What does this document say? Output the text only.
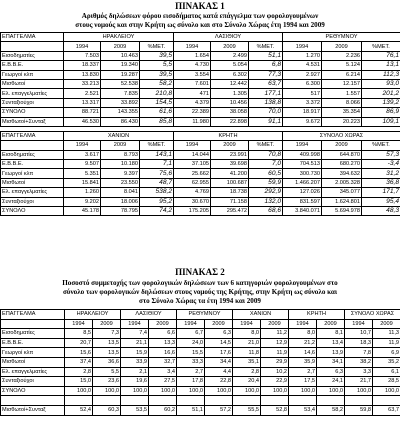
ΠΙΝΑΚΑΣ 1
Αριθμός δηλώσεων φόρου εισοδήματος κατά επάγγελμα των φορολογουμένων
στους νομούς και στην Κρήτη ως σύνολο και στο Σύνολο Χώρας έτη 1994 και 2009
ΕΠΑΓΓΕΛΜΑ	ΗΡΑΚΛΕΙΟΥ			ΛΑΣΙΘΙΟΥ			ΡΕΘΥΜΝΟΥ		
	1994	2009	%ΜΕΤ.	1994	2009	%ΜΕΤ.	1994	2009	%ΜΕΤ.
Εισοδηματίες	7.503	10.463	39,5	1.654	2.499	51,1	1.270	2.236	76,1
Ε.Β.Β.Ε.	18.337	19.340	5,5	4.730	5.054	6,8	4.531	5.124	13,1
Γεωργοί κλπ	13.830	19.287	39,5	3.554	6.302	77,3	2.927	6.214	112,3
Μισθωτοί	33.213	52.538	58,2	7.601	12.442	63,7	6.300	12.157	93,0
Ελ. επαγγελματίες	2.521	7.835	210,8	471	1.305	177,1	517	1.557	201,2
Συνταξιούχοι	13.317	33.892	154,5	4.379	10.456	138,8	3.372	8.066	139,2
ΣΥΝΟΛΟ	88.721	143.355	61,6	22.389	38.058	70,0	18.917	35.354	86,9
Μισθωτοί+Συνταξ	46.530	86.430	85,8	11.980	22.898	91,1	9.672	20.223	109,1

ΕΠΑΓΓΕΛΜΑ	ΧΑΝΙΩΝ			ΚΡΗΤΗ			ΣΥΝΟΛΟ ΧΩΡΑΣ		
	1994	2009	%ΜΕΤ.	1994	2009	%ΜΕΤ.	1994	2009	%ΜΕΤ.
Εισοδηματίες	3.617	8.793	143,1	14.044	23.991	70,8	409.998	644.870	57,3
Ε.Β.Β.Ε.	9.507	10.180	7,1	37.105	39.698	7,0	704.513	680.270	-3,4
Γεωργοί κλπ	5.351	9.397	75,6	25.662	41.200	60,5	300.730	394.632	31,2
Μισθωτοί	15.841	23.550	48,7	62.955	100.687	59,9	1.466.207	2.005.328	36,8
Ελ. επαγγελματίες	1.260	8.041	538,2	4.769	18.738	292,9	127.026	345.077	171,7
Συνταξιούχοι	9.202	18.006	95,2	30.670	71.158	132,0	831.597	1.624.801	95,4
ΣΥΝΟΛΟ	45.178	78.795	74,2	175.205	295.472	68,6	3.840.071	5.694.978	48,3
ΠΙΝΑΚΑΣ 2
Ποσοστό συμμετοχής των φορολογικών δηλώσεων των 6 κατηγοριών φορολογουμένων στο
σύνολο των φορολογικών δηλώσεων στους νομούς της Κρήτης, στην Κρήτη ως σύνολο και
στο Σύνολο Χώρας τα έτη 1994 και 2009
ΕΠΑΓΓΕΛΜΑ	ΗΡΑΚΛΕΙΟΥ		ΛΑΣΙΘΙΟΥ		ΡΕΘΥΜΝΟΥ		ΧΑΝΙΩΝ		ΚΡΗΤΗ		ΣΥΝΟΛΟ ΧΩΡΑΣ	
	1994	2009	1994	2009	1994	2009	1994	2009	1994	2009	1994	2009
Εισοδηματίες	8,5	7,3	7,4	6,6	6,7	6,3	8,0	11,2	8,0	8,1	10,7	11,3
Ε.Β.Β.Ε.	20,7	13,5	21,1	13,3	24,0	14,5	21,0	12,9	21,2	13,4	18,3	11,9
Γεωργοί κλπ	15,6	13,5	15,9	16,6	15,5	17,6	11,8	11,9	14,6	13,9	7,8	6,9
Μισθωτοί	37,4	36,6	33,9	32,7	33,3	34,4	35,1	29,9	35,9	34,1	38,2	35,2
Ελ. επαγγελματίες	2,8	5,5	2,1	3,4	2,7	4,4	2,8	10,2	2,7	6,3	3,3	6,1
Συνταξιούχοι	15,0	23,6	19,6	27,5	17,8	22,8	20,4	22,9	17,5	24,1	21,7	28,5
ΣΥΝΟΛΟ	100,0	100,0	100,0	100,0	100,0	100,0	100,0	100,0	100,0	100,0	100,0	100,0

Μισθωτοί+Συνταξ	52,4	60,3	53,5	60,2	51,1	57,2	55,5	52,8	53,4	58,2	59,8	63,7
